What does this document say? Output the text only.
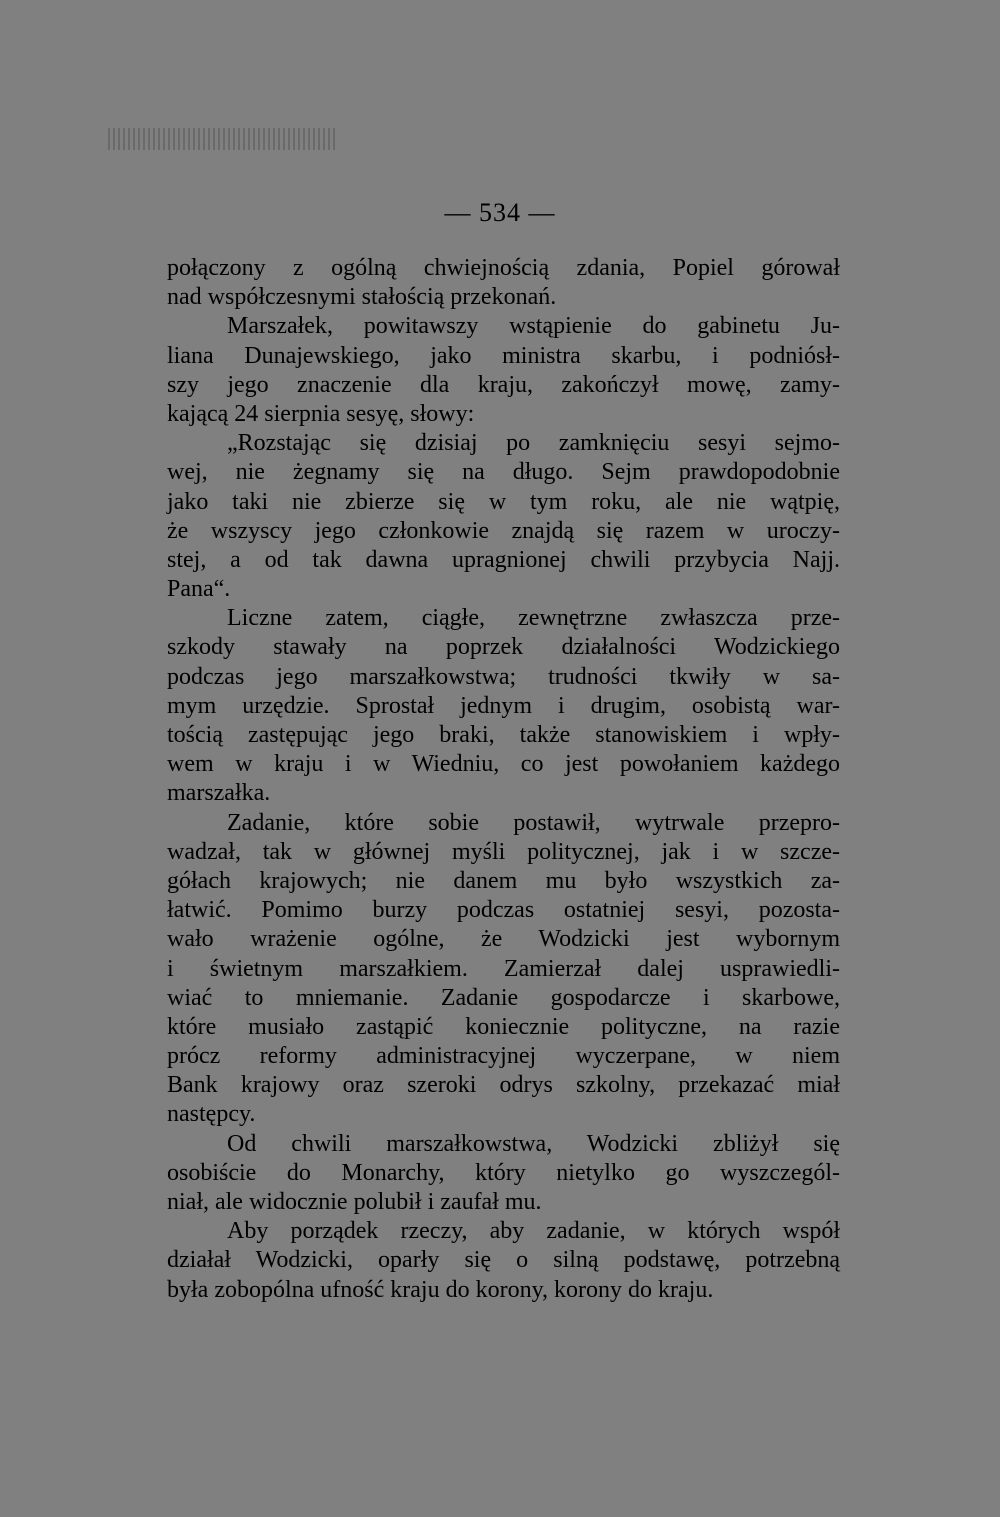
— 534 —
połączony z ogólną chwiejnością zdania, Popiel górował
nad współczesnymi stałością przekonań.
Marszałek, powitawszy wstąpienie do gabinetu Ju-
liana Dunajewskiego, jako ministra skarbu, i podniósł-
szy jego znaczenie dla kraju, zakończył mowę, zamy-
kającą 24 sierpnia sesyę, słowy:
„Rozstając się dzisiaj po zamknięciu sesyi sejmo-
wej, nie żegnamy się na długo. Sejm prawdopodobnie
jako taki nie zbierze się w tym roku, ale nie wątpię,
że wszyscy jego członkowie znajdą się razem w uroczy-
stej, a od tak dawna upragnionej chwili przybycia Najj.
Pana“.
Liczne zatem, ciągłe, zewnętrzne zwłaszcza prze-
szkody stawały na poprzek działalności Wodzickiego
podczas jego marszałkowstwa; trudności tkwiły w sa-
mym urzędzie. Sprostał jednym i drugim, osobistą war-
tością zastępując jego braki, także stanowiskiem i wpły-
wem w kraju i w Wiedniu, co jest powołaniem każdego
marszałka.
Zadanie, które sobie postawił, wytrwale przepro-
wadzał, tak w głównej myśli politycznej, jak i w szcze-
gółach krajowych; nie danem mu było wszystkich za-
łatwić. Pomimo burzy podczas ostatniej sesyi, pozosta-
wało wrażenie ogólne, że Wodzicki jest wybornym
i świetnym marszałkiem. Zamierzał dalej usprawiedli-
wiać to mniemanie. Zadanie gospodarcze i skarbowe,
które musiało zastąpić koniecznie polityczne, na razie
prócz reformy administracyjnej wyczerpane, w niem
Bank krajowy oraz szeroki odrys szkolny, przekazać miał
następcy.
Od chwili marszałkowstwa, Wodzicki zbliżył się
osobiście do Monarchy, który nietylko go wyszczegól-
niał, ale widocznie polubił i zaufał mu.
Aby porządek rzeczy, aby zadanie, w których współ
działał Wodzicki, oparły się o silną podstawę, potrzebną
była zobopólna ufność kraju do korony, korony do kraju.
